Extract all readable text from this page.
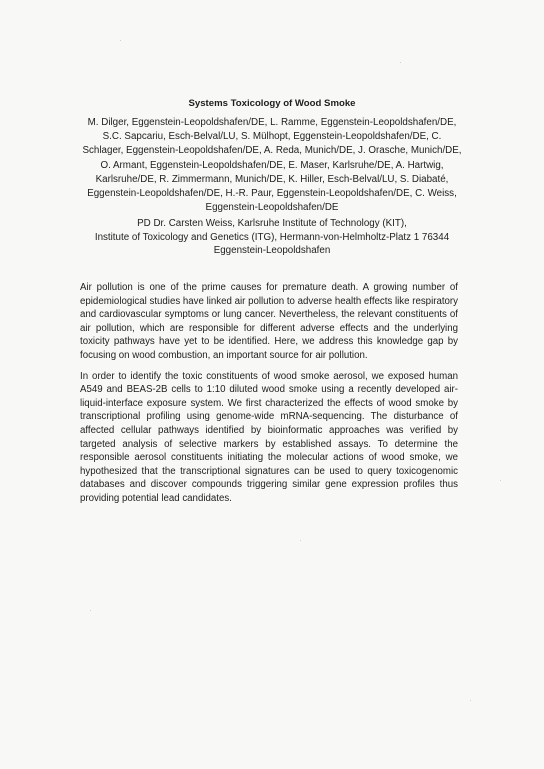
Systems Toxicology of Wood Smoke
M. Dilger, Eggenstein-Leopoldshafen/DE, L. Ramme, Eggenstein-Leopoldshafen/DE, S.C. Sapcariu, Esch-Belval/LU, S. Mülhopt, Eggenstein-Leopoldshafen/DE, C. Schlager, Eggenstein-Leopoldshafen/DE, A. Reda, Munich/DE, J. Orasche, Munich/DE, O. Armant, Eggenstein-Leopoldshafen/DE, E. Maser, Karlsruhe/DE, A. Hartwig, Karlsruhe/DE, R. Zimmermann, Munich/DE, K. Hiller, Esch-Belval/LU, S. Diabaté, Eggenstein-Leopoldshafen/DE, H.-R. Paur, Eggenstein-Leopoldshafen/DE, C. Weiss, Eggenstein-Leopoldshafen/DE
PD Dr. Carsten Weiss, Karlsruhe Institute of Technology (KIT),
Institute of Toxicology and Genetics (ITG), Hermann-von-Helmholtz-Platz 1 76344
Eggenstein-Leopoldshafen

Air pollution is one of the prime causes for premature death. A growing number of epidemiological studies have linked air pollution to adverse health effects like respiratory and cardiovascular symptoms or lung cancer. Nevertheless, the relevant constituents of air pollution, which are responsible for different adverse effects and the underlying toxicity pathways have yet to be identified. Here, we address this knowledge gap by focusing on wood combustion, an important source for air pollution.

In order to identify the toxic constituents of wood smoke aerosol, we exposed human A549 and BEAS-2B cells to 1:10 diluted wood smoke using a recently developed air-liquid-interface exposure system. We first characterized the effects of wood smoke by transcriptional profiling using genome-wide mRNA-sequencing. The disturbance of affected cellular pathways identified by bioinformatic approaches was verified by targeted analysis of selective markers by established assays. To determine the responsible aerosol constituents initiating the molecular actions of wood smoke, we hypothesized that the transcriptional signatures can be used to query toxicogenomic databases and discover compounds triggering similar gene expression profiles thus providing potential lead candidates.
